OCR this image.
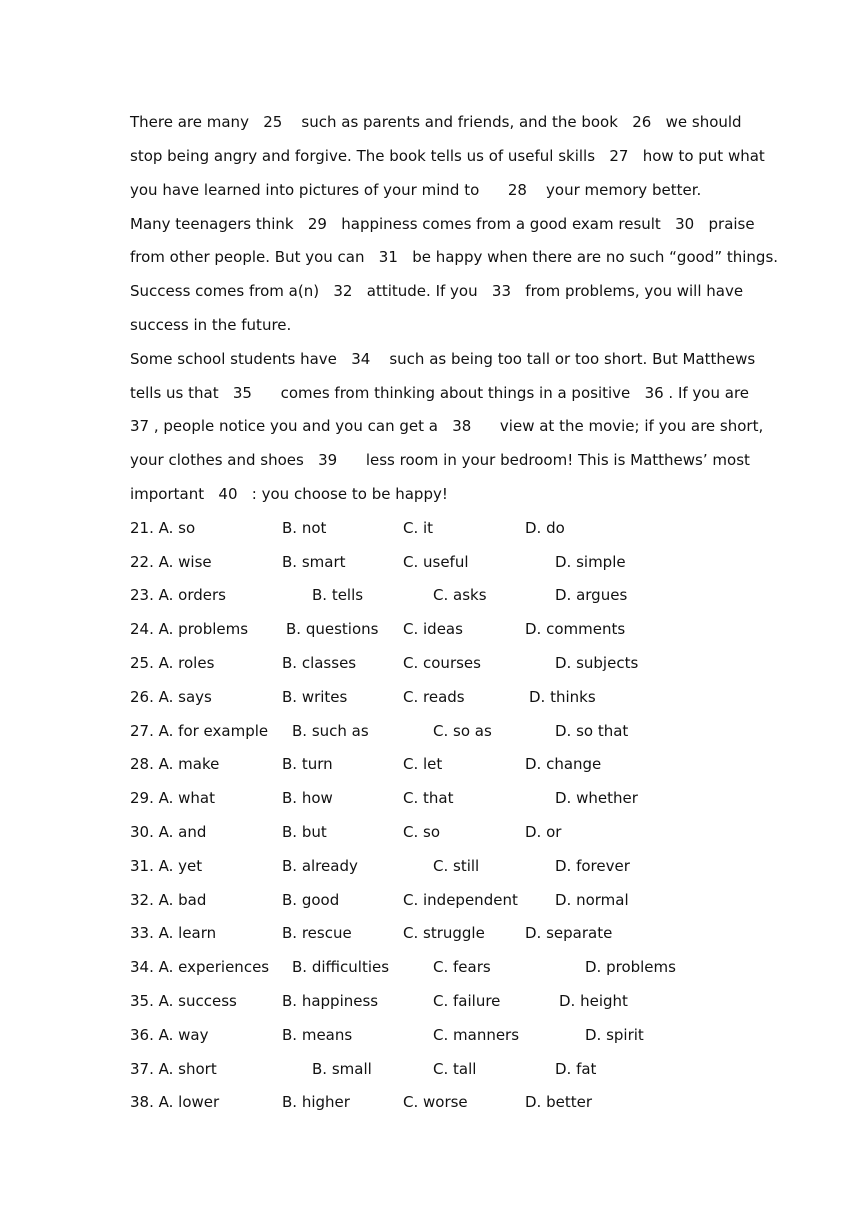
There are many   25    such as parents and friends, and the book   26   we should
stop being angry and forgive. The book tells us of useful skills   27   how to put what
you have learned into pictures of your mind to      28    your memory better.
Many teenagers think   29   happiness comes from a good exam result   30   praise
from other people. But you can   31   be happy when there are no such “good” things.
Success comes from a(n)   32   attitude. If you   33   from problems, you will have
success in the future.
Some school students have   34    such as being too tall or too short. But Matthews
tells us that   35      comes from thinking about things in a positive   36 . If you are
37 , people notice you and you can get a   38      view at the movie; if you are short,
your clothes and shoes   39      less room in your bedroom! This is Matthews’ most
important   40   : you choose to be happy!
21. A. so	B. not	C. it	D. do
22. A. wise	B. smart	C. useful	D. simple
23. A. orders	B. tells	C. asks	D. argues
24. A. problems	B. questions C. ideas	D. comments
25. A. roles	B. classes	C. courses	D. subjects
26. A. says	B. writes	C. reads	D. thinks
27. A. for example B. such as	C. so as	D. so that
28. A. make	B. turn	C. let	D. change
29. A. what	B. how	C. that	D. whether
30. A. and	B. but	C. so	D. or
31. A. yet	B. already	C. still	D. forever
32. A. bad	B. good	C. independent D. normal
33. A. learn	B. rescue	C. struggle	D. separate
34. A. experiences B. difficulties	C. fears	D. problems
35. A. success	B. happiness	C. failure	D. height
36. A. way	B. means	C. manners	D. spirit
37. A. short	B. small	C. tall	D. fat
38. A. lower	B. higher	C. worse	D. better
